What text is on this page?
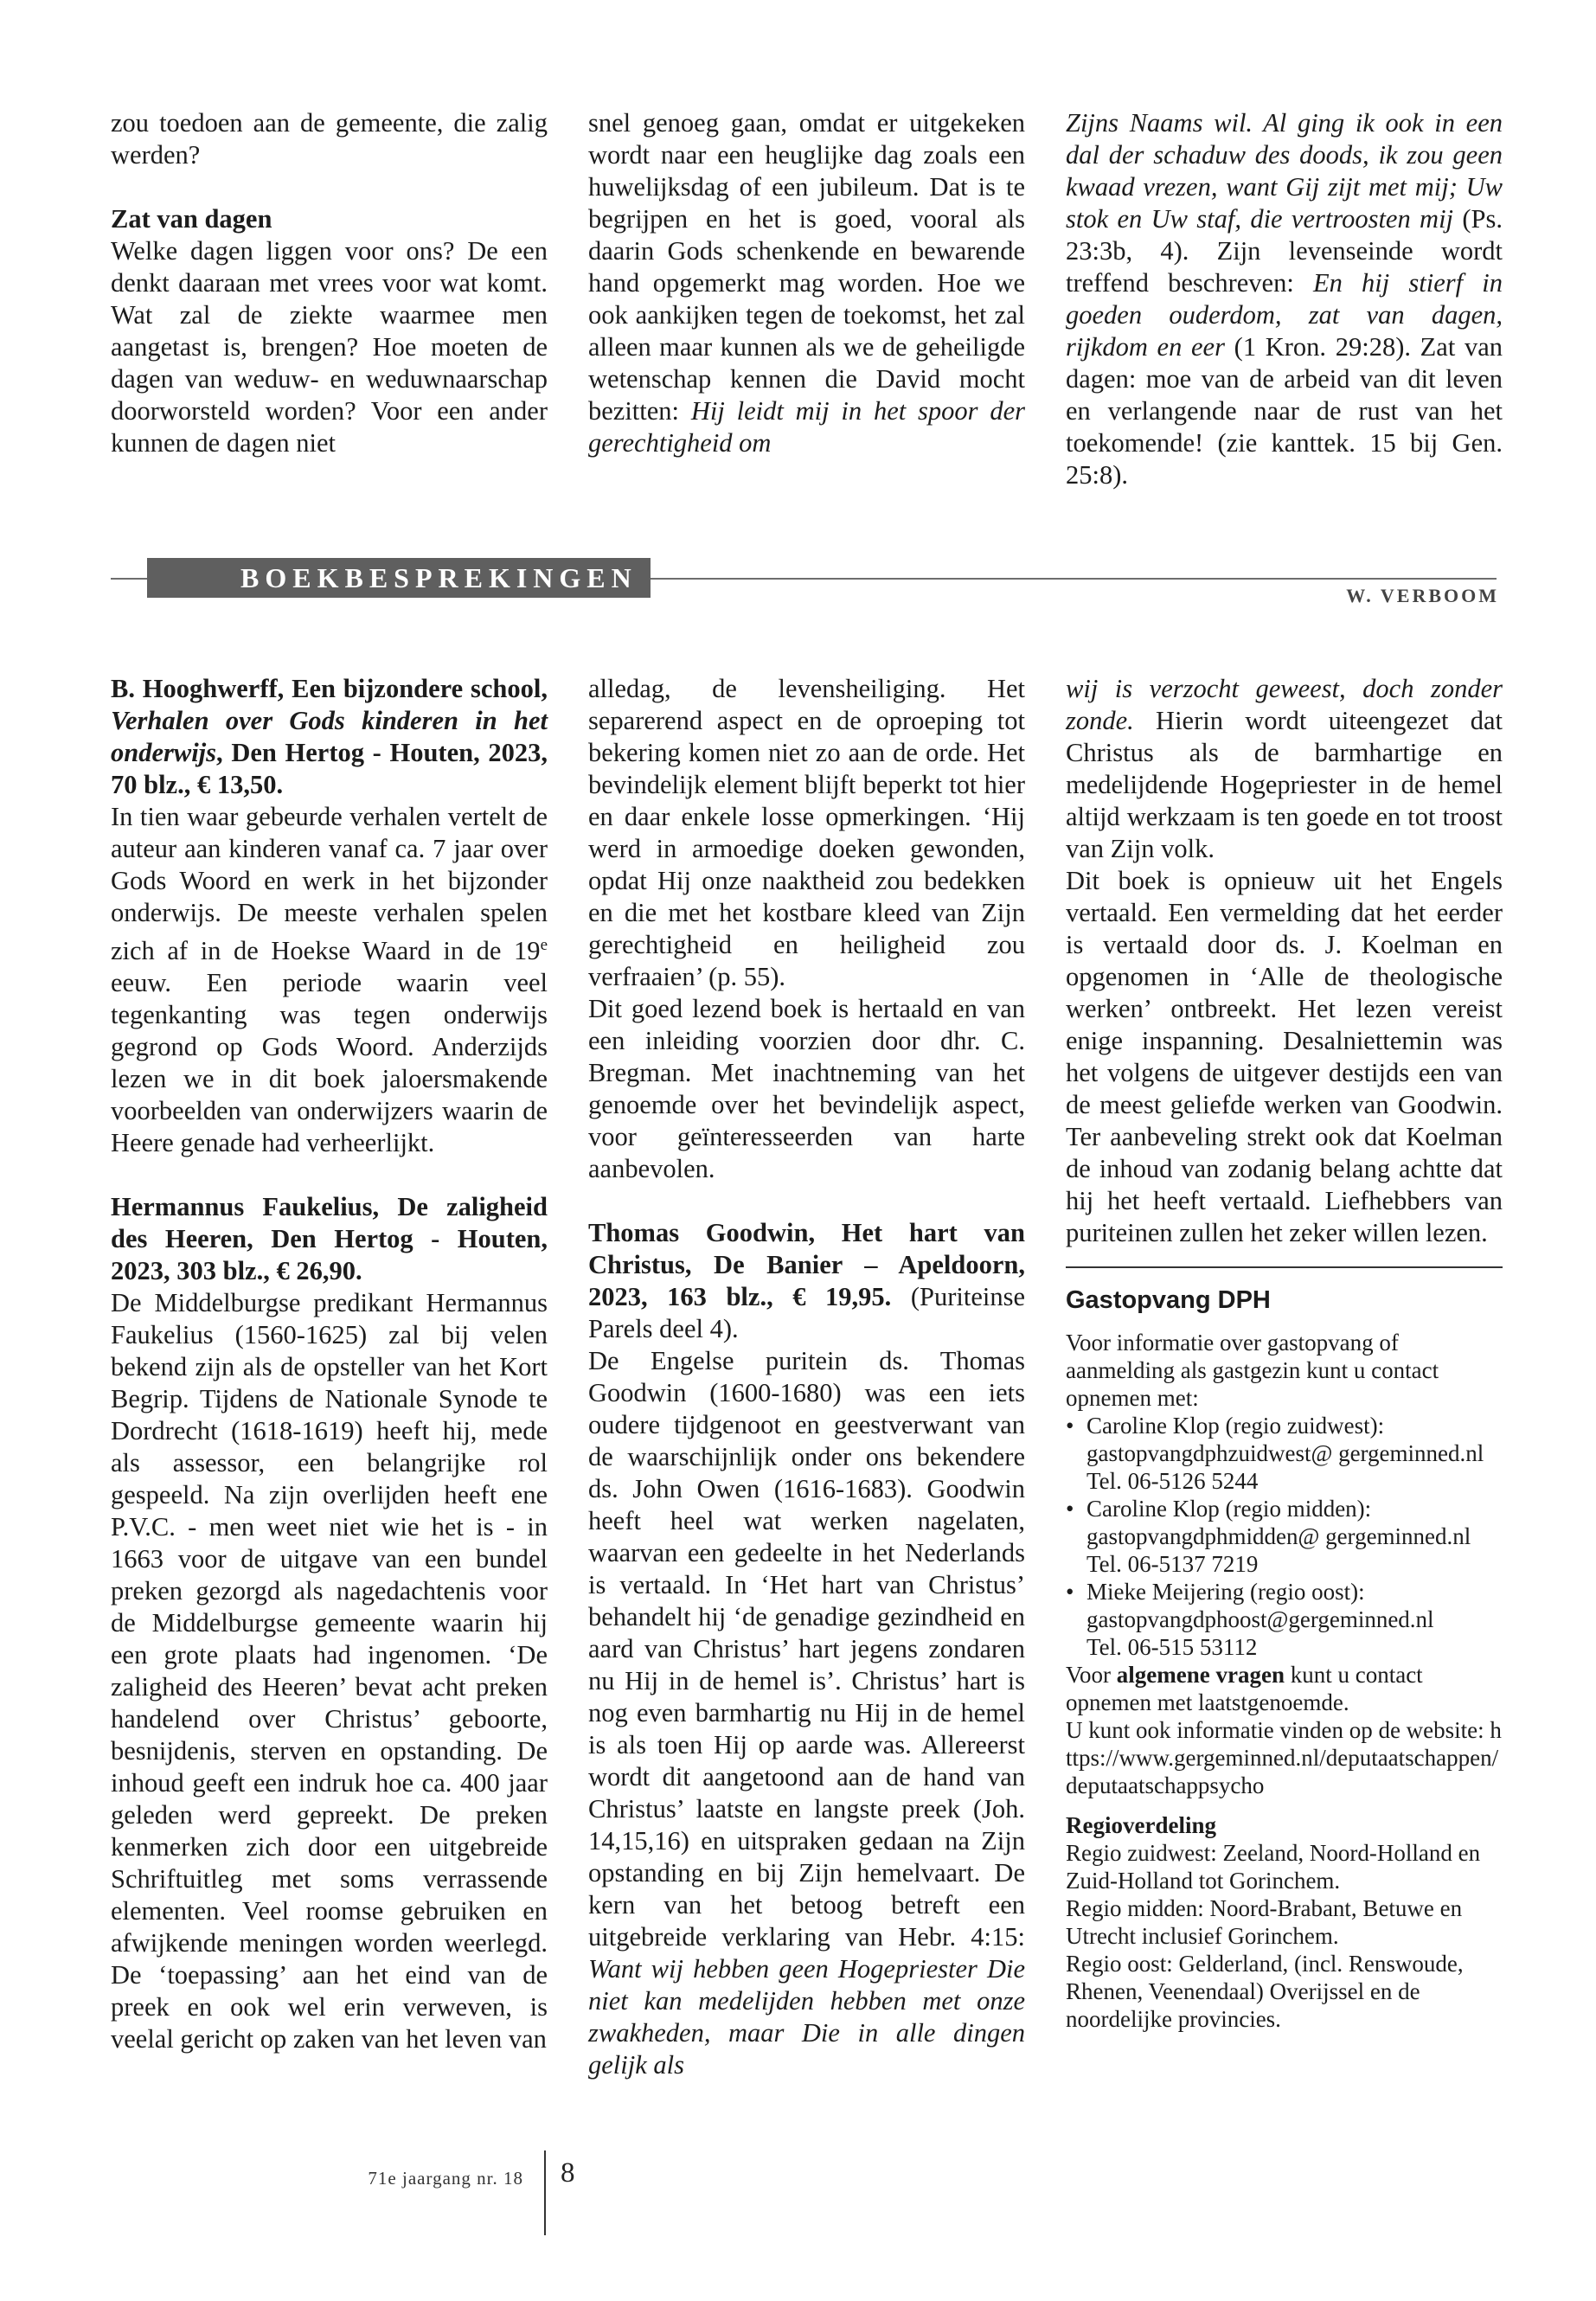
zou toedoen aan de gemeente, die zalig werden?

Zat van dagen

Welke dagen liggen voor ons? De een denkt daaraan met vrees voor wat komt. Wat zal de ziekte waarmee men aangetast is, brengen? Hoe moeten de dagen van weduw- en weduwnaarschap doorworsteld worden? Voor een ander kunnen de dagen niet

snel genoeg gaan, omdat er uitgekeken wordt naar een heuglijke dag zoals een huwelijksdag of een jubileum. Dat is te begrijpen en het is goed, vooral als daarin Gods schenkende en bewarende hand opgemerkt mag worden. Hoe we ook aankijken tegen de toekomst, het zal alleen maar kunnen als we de geheiligde wetenschap kennen die David mocht bezitten: Hij leidt mij in het spoor der gerechtigheid om

Zijns Naams wil. Al ging ik ook in een dal der schaduw des doods, ik zou geen kwaad vrezen, want Gij zijt met mij; Uw stok en Uw staf, die vertroosten mij (Ps. 23:3b, 4). Zijn levenseinde wordt treffend beschreven: En hij stierf in goeden ouderdom, zat van dagen, rijkdom en eer (1 Kron. 29:28). Zat van dagen: moe van de arbeid van dit leven en verlangende naar de rust van het toekomende! (zie kanttek. 15 bij Gen. 25:8).

BOEKBESPREKINGEN
W. VERBOOM

B. Hooghwerff, Een bijzondere school, Verhalen over Gods kinderen in het onderwijs, Den Hertog - Houten, 2023, 70 blz., € 13,50.

In tien waar gebeurde verhalen vertelt de auteur aan kinderen vanaf ca. 7 jaar over Gods Woord en werk in het bijzonder onderwijs. De meeste verhalen spelen zich af in de Hoekse Waard in de 19e eeuw. Een periode waarin veel tegenkanting was tegen onderwijs gegrond op Gods Woord. Anderzijds lezen we in dit boek jaloersmakende voorbeelden van onderwijzers waarin de Heere genade had verheerlijkt.

Hermannus Faukelius, De zaligheid des Heeren, Den Hertog - Houten, 2023, 303 blz., € 26,90.

De Middelburgse predikant Hermannus Faukelius (1560-1625) zal bij velen bekend zijn als de opsteller van het Kort Begrip. Tijdens de Nationale Synode te Dordrecht (1618-1619) heeft hij, mede als assessor, een belangrijke rol gespeeld. Na zijn overlijden heeft ene P.V.C. - men weet niet wie het is - in 1663 voor de uitgave van een bundel preken gezorgd als nagedachtenis voor de Middelburgse gemeente waarin hij een grote plaats had ingenomen. ‘De zaligheid des Heeren’ bevat acht preken handelend over Christus’ geboorte, besnijdenis, sterven en opstanding. De inhoud geeft een indruk hoe ca. 400 jaar geleden werd gepreekt. De preken kenmerken zich door een uitgebreide Schriftuitleg met soms verrassende elementen. Veel roomse gebruiken en afwijkende meningen worden weerlegd. De ‘toepassing’ aan het eind van de preek en ook wel erin verweven, is veelal gericht op zaken van het leven van

alledag, de levensheiliging. Het separerend aspect en de oproeping tot bekering komen niet zo aan de orde. Het bevindelijk element blijft beperkt tot hier en daar enkele losse opmerkingen. ‘Hij werd in armoedige doeken gewonden, opdat Hij onze naaktheid zou bedekken en die met het kostbare kleed van Zijn gerechtigheid en heiligheid zou verfraaien’ (p. 55).

Dit goed lezend boek is hertaald en van een inleiding voorzien door dhr. C. Bregman. Met inachtneming van het genoemde over het bevindelijk aspect, voor geïnteresseerden van harte aanbevolen.

Thomas Goodwin, Het hart van Christus, De Banier – Apeldoorn, 2023, 163 blz., € 19,95. (Puriteinse Parels deel 4).

De Engelse puritein ds. Thomas Goodwin (1600-1680) was een iets oudere tijdgenoot en geestverwant van de waarschijnlijk onder ons bekendere ds. John Owen (1616-1683). Goodwin heeft heel wat werken nagelaten, waarvan een gedeelte in het Nederlands is vertaald. In ‘Het hart van Christus’ behandelt hij ‘de genadige gezindheid en aard van Christus’ hart jegens zondaren nu Hij in de hemel is’. Christus’ hart is nog even barmhartig nu Hij in de hemel is als toen Hij op aarde was. Allereerst wordt dit aangetoond aan de hand van Christus’ laatste en langste preek (Joh. 14,15,16) en uitspraken gedaan na Zijn opstanding en bij Zijn hemelvaart. De kern van het betoog betreft een uitgebreide verklaring van Hebr. 4:15: Want wij hebben geen Hogepriester Die niet kan medelijden hebben met onze zwakheden, maar Die in alle dingen gelijk als

wij is verzocht geweest, doch zonder zonde. Hierin wordt uiteengezet dat Christus als de barmhartige en medelijdende Hogepriester in de hemel altijd werkzaam is ten goede en tot troost van Zijn volk.

Dit boek is opnieuw uit het Engels vertaald. Een vermelding dat het eerder is vertaald door ds. J. Koelman en opgenomen in ‘Alle de theologische werken’ ontbreekt. Het lezen vereist enige inspanning. Desalniettemin was het volgens de uitgever destijds een van de meest geliefde werken van Goodwin. Ter aanbeveling strekt ook dat Koelman de inhoud van zodanig belang achtte dat hij het heeft vertaald. Liefhebbers van puriteinen zullen het zeker willen lezen.

Gastopvang DPH

Voor informatie over gastopvang of aanmelding als gastgezin kunt u contact opnemen met:

• Caroline Klop (regio zuidwest):
gastopvangdphzuidwest@ gergeminned.nl
Tel. 06-5126 5244
• Caroline Klop (regio midden):
gastopvangdphmidden@ gergeminned.nl
Tel. 06-5137 7219
• Mieke Meijering (regio oost):
gastopvangdphoost@gergeminned.nl
Tel. 06-515 53112

Voor algemene vragen kunt u contact opnemen met laatstgenoemde.

U kunt ook informatie vinden op de website: https://www.gergeminned.nl/deputaatschappen/deputaatschappsycho

Regioverdeling

Regio zuidwest: Zeeland, Noord-Holland en Zuid-Holland tot Gorinchem.

Regio midden: Noord-Brabant, Betuwe en Utrecht inclusief Gorinchem.

Regio oost: Gelderland, (incl. Renswoude, Rhenen, Veenendaal) Overijssel en de noordelijke provincies.

71e jaargang nr. 18 8
